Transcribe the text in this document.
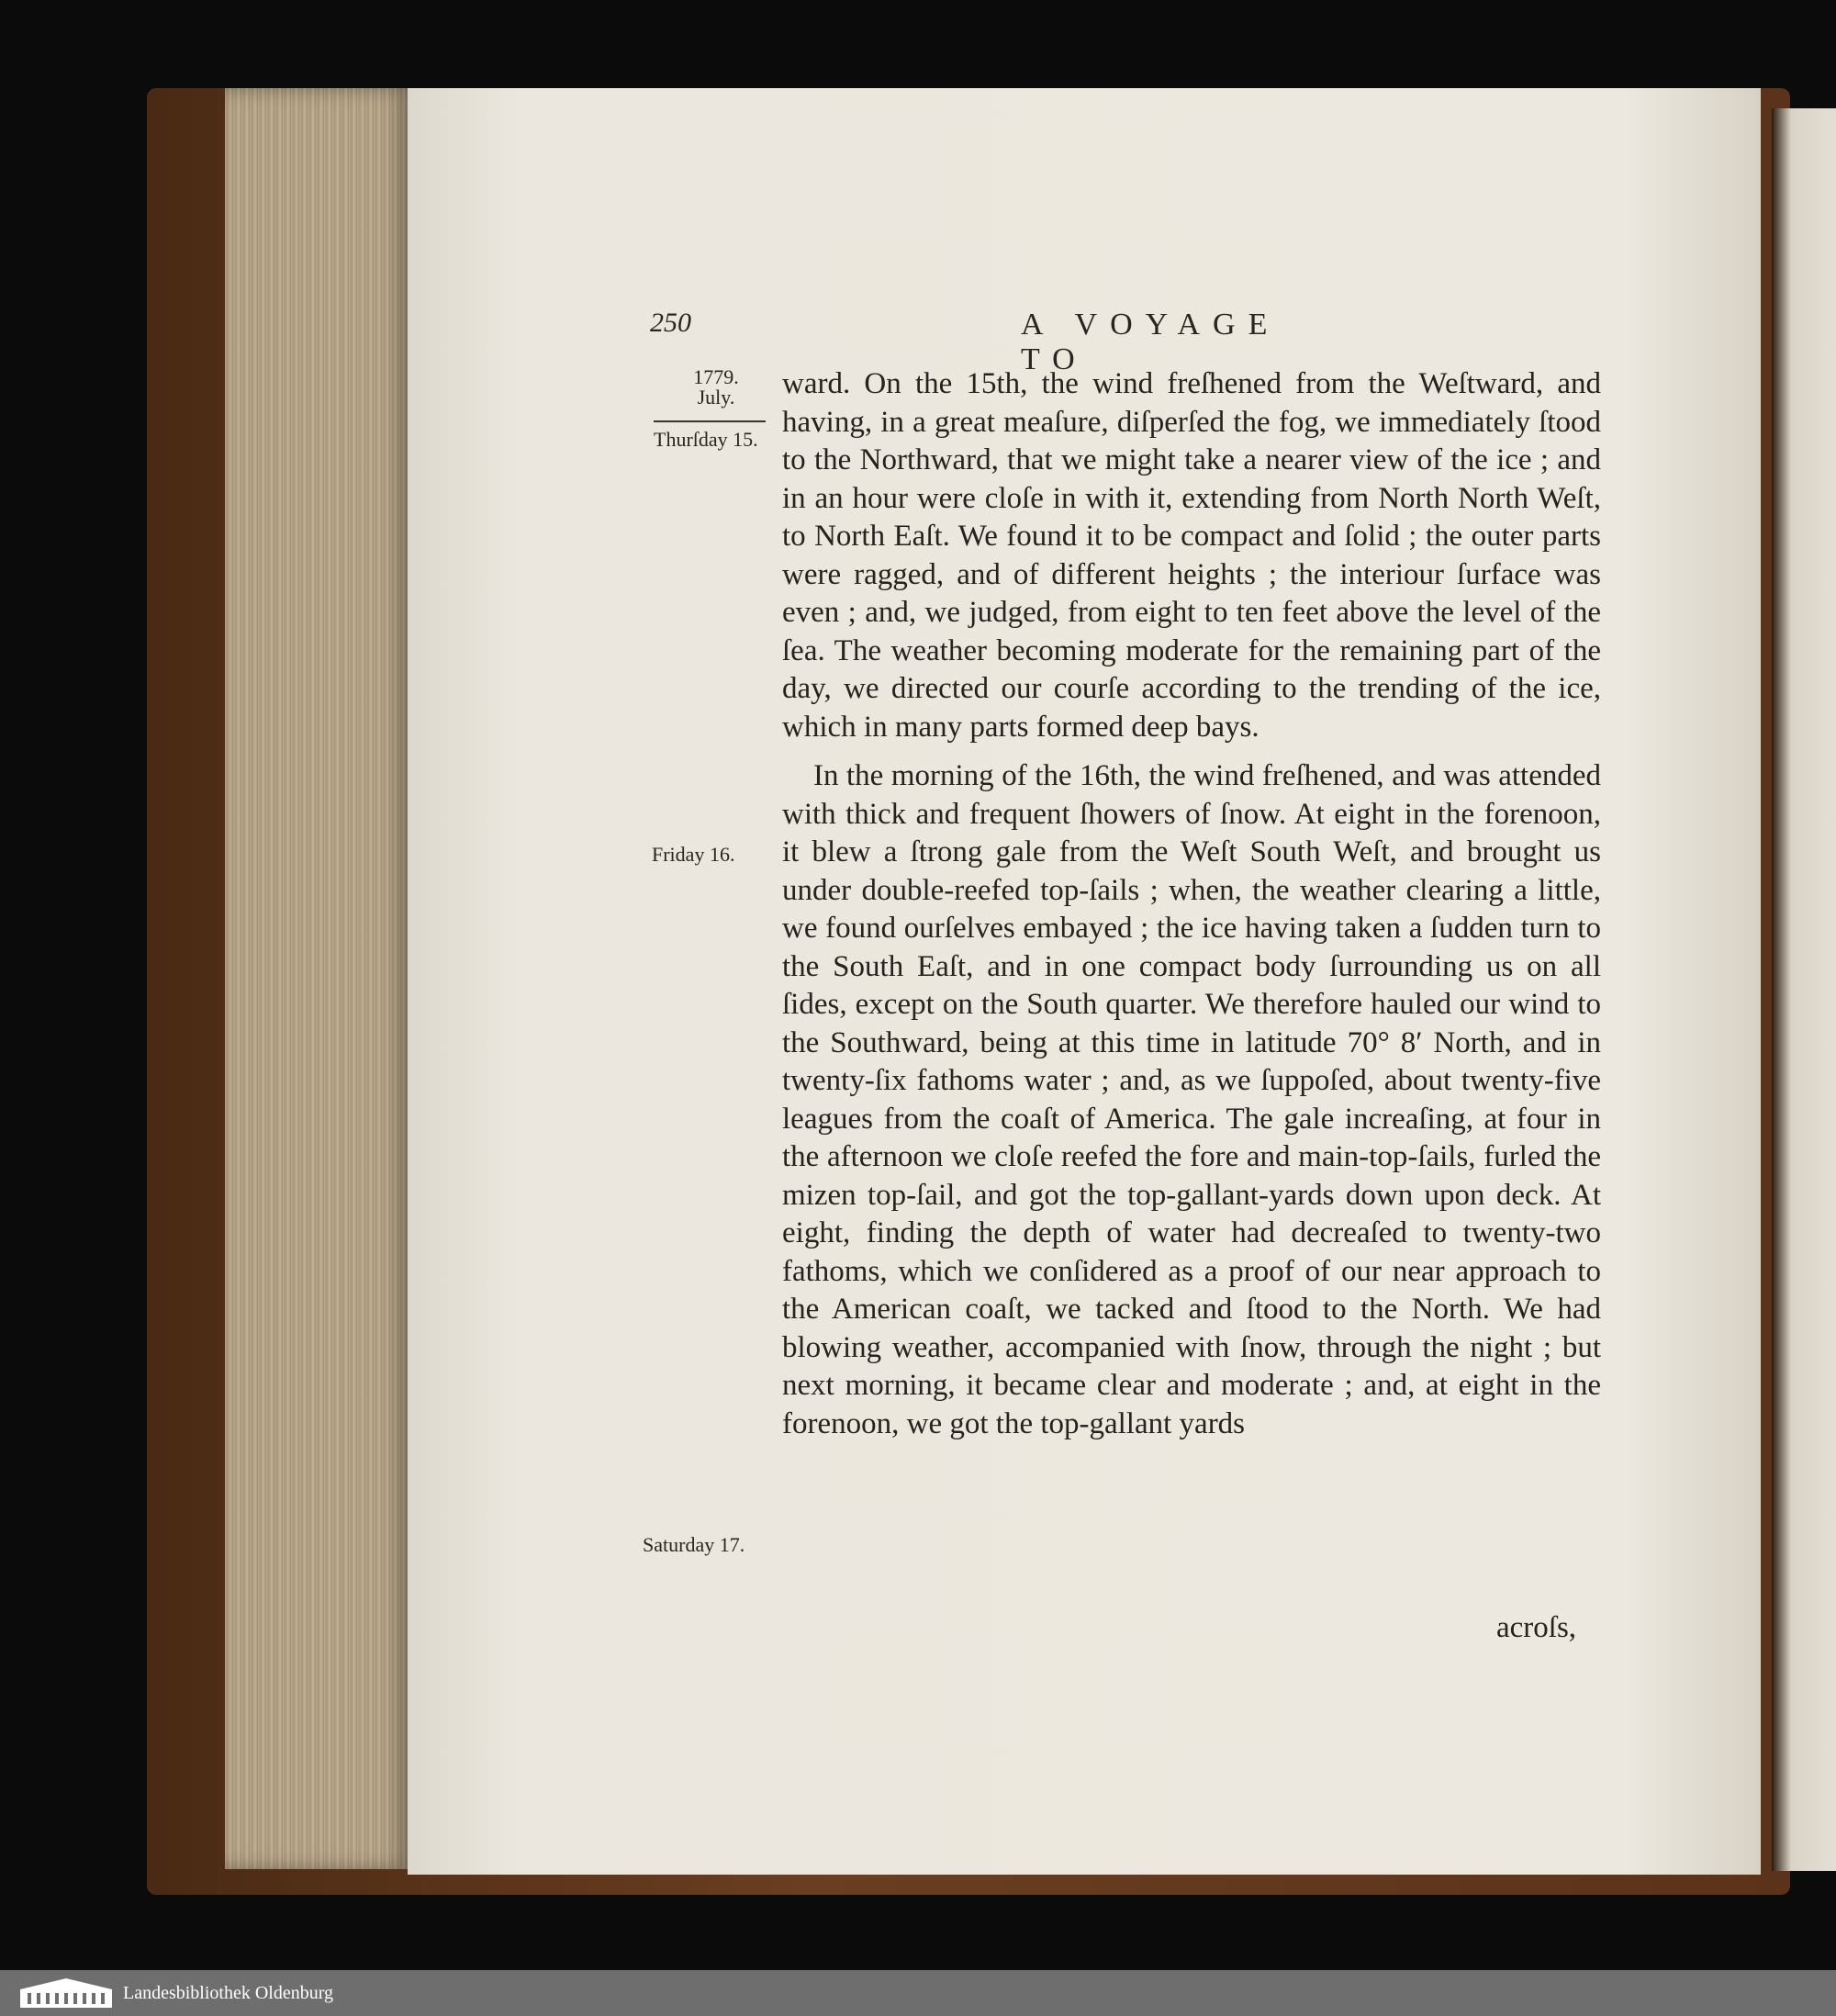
250	A VOYAGE TO
1779.
July.
Thurſday 15.
Friday 16.
Saturday 17.

ward. On the 15th, the wind freſhened from the Weſtward, and having, in a great meaſure, diſperſed the fog, we immediately ſtood to the Northward, that we might take a nearer view of the ice ; and in an hour were cloſe in with it, extending from North North Weſt, to North Eaſt. We found it to be compact and ſolid ; the outer parts were ragged, and of different heights ; the interiour ſurface was even ; and, we judged, from eight to ten feet above the level of the ſea. The weather becoming moderate for the remaining part of the day, we directed our courſe according to the trending of the ice, which in many parts formed deep bays.

In the morning of the 16th, the wind freſhened, and was attended with thick and frequent ſhowers of ſnow. At eight in the forenoon, it blew a ſtrong gale from the Weſt South Weſt, and brought us under double-reefed top-ſails ; when, the weather clearing a little, we found ourſelves embayed ; the ice having taken a ſudden turn to the South Eaſt, and in one compact body ſurrounding us on all ſides, except on the South quarter. We therefore hauled our wind to the Southward, being at this time in latitude 70° 8′ North, and in twenty-ſix fathoms water ; and, as we ſuppoſed, about twenty-five leagues from the coaſt of America. The gale increaſing, at four in the afternoon we cloſe reefed the fore and main-top-ſails, furled the mizen top-ſail, and got the top-gallant-yards down upon deck. At eight, finding the depth of water had decreaſed to twenty-two fathoms, which we conſidered as a proof of our near approach to the American coaſt, we tacked and ſtood to the North. We had blowing weather, accompanied with ſnow, through the night ; but next morning, it became clear and moderate ; and, at eight in the forenoon, we got the top-gallant yards

acroſs,
Landesbibliothek Oldenburg
